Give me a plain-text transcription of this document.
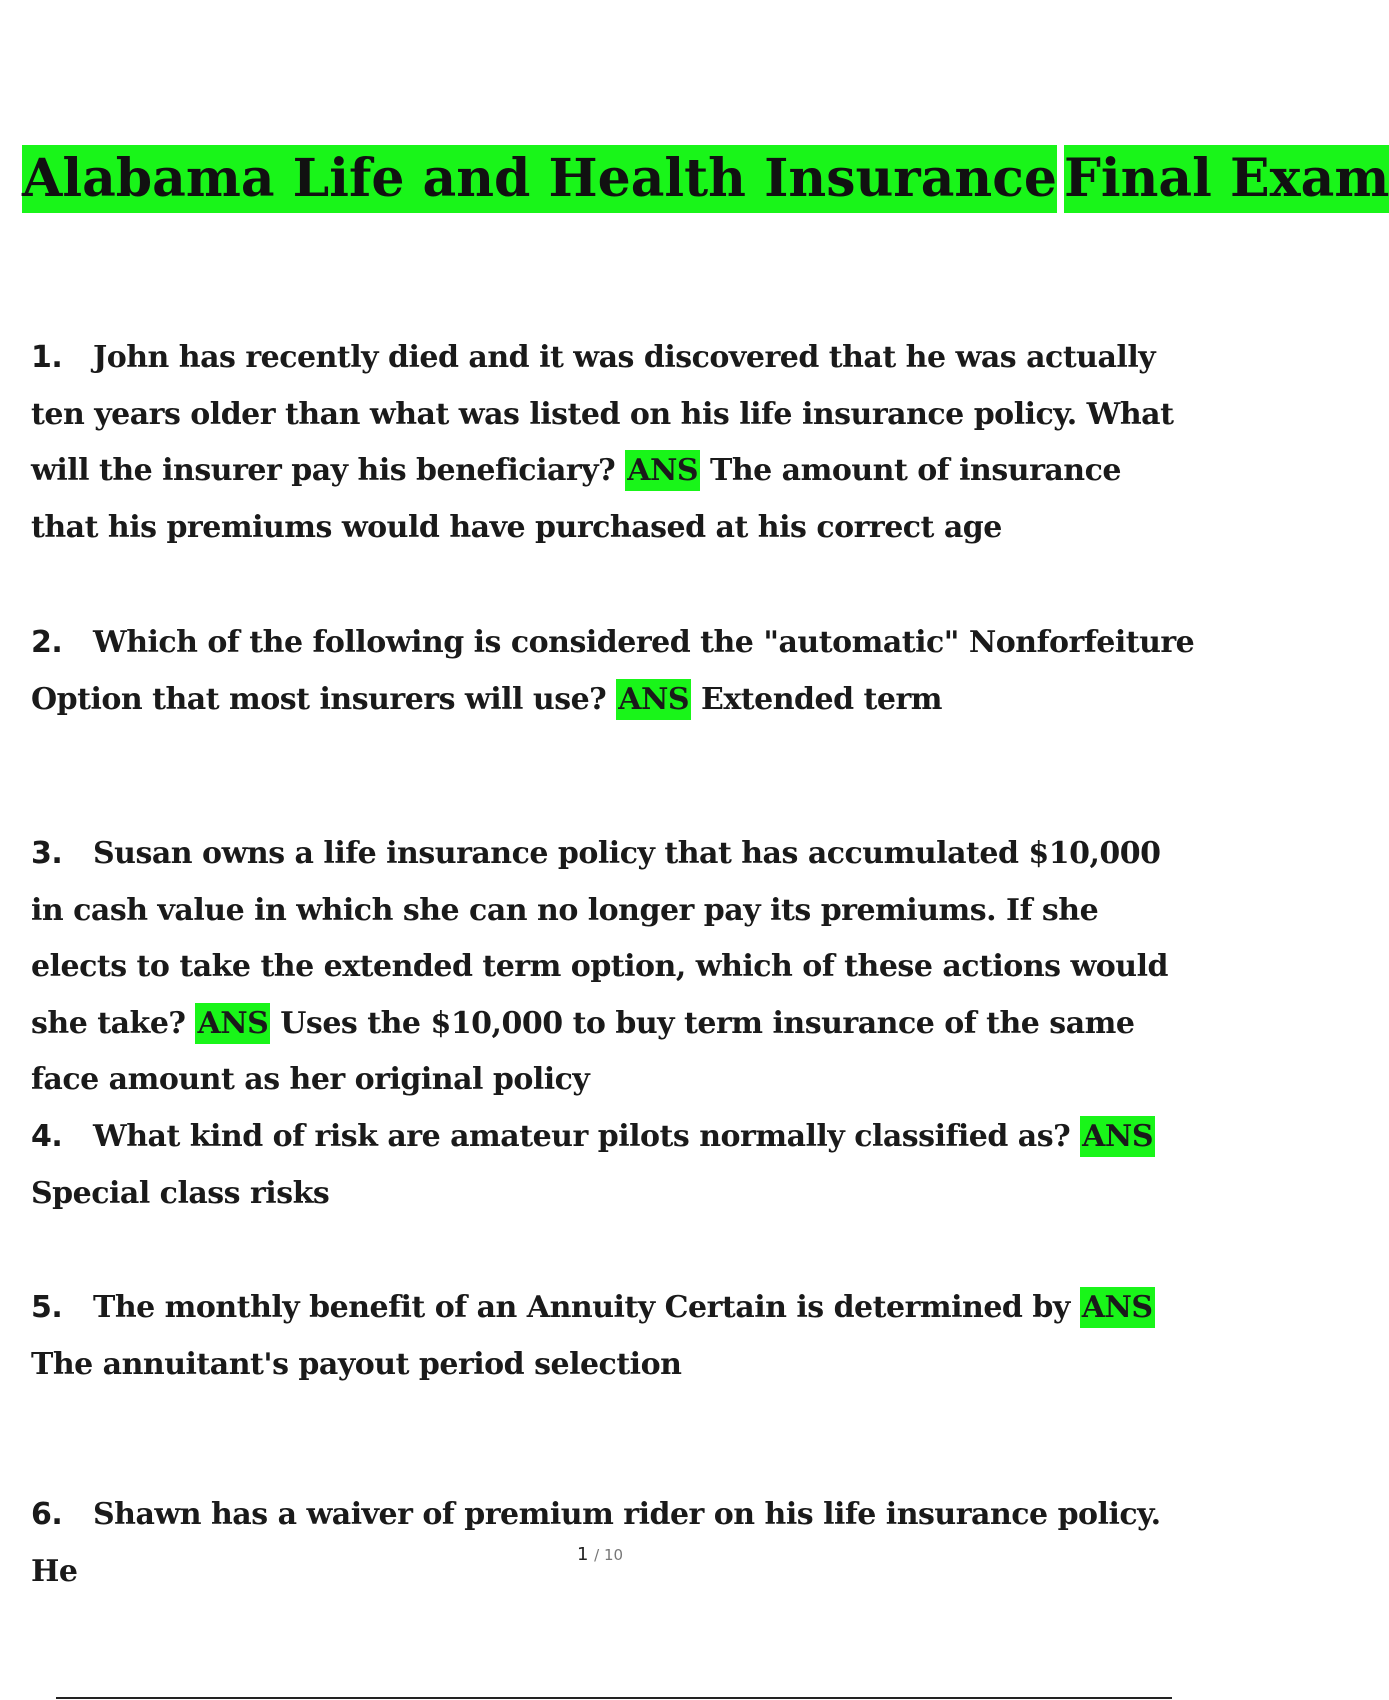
Alabama Life and Health Insurance Final Exam
1. John has recently died and it was discovered that he was actually ten years older than what was listed on his life insurance policy. What will the insurer pay his beneficiary? ANS The amount of insurance that his premiums would have purchased at his correct age
2. Which of the following is considered the "automatic" Nonforfeiture Option that most insurers will use? ANS Extended term
3. Susan owns a life insurance policy that has accumulated $10,000 in cash value in which she can no longer pay its premiums. If she elects to take the extended term option, which of these actions would she take? ANS Uses the $10,000 to buy term insurance of the same face amount as her original policy
4. What kind of risk are amateur pilots normally classified as? ANS Special class risks
5. The monthly benefit of an Annuity Certain is determined by ANS The annuitant's payout period selection
6. Shawn has a waiver of premium rider on his life insurance policy. He	1 / 10
